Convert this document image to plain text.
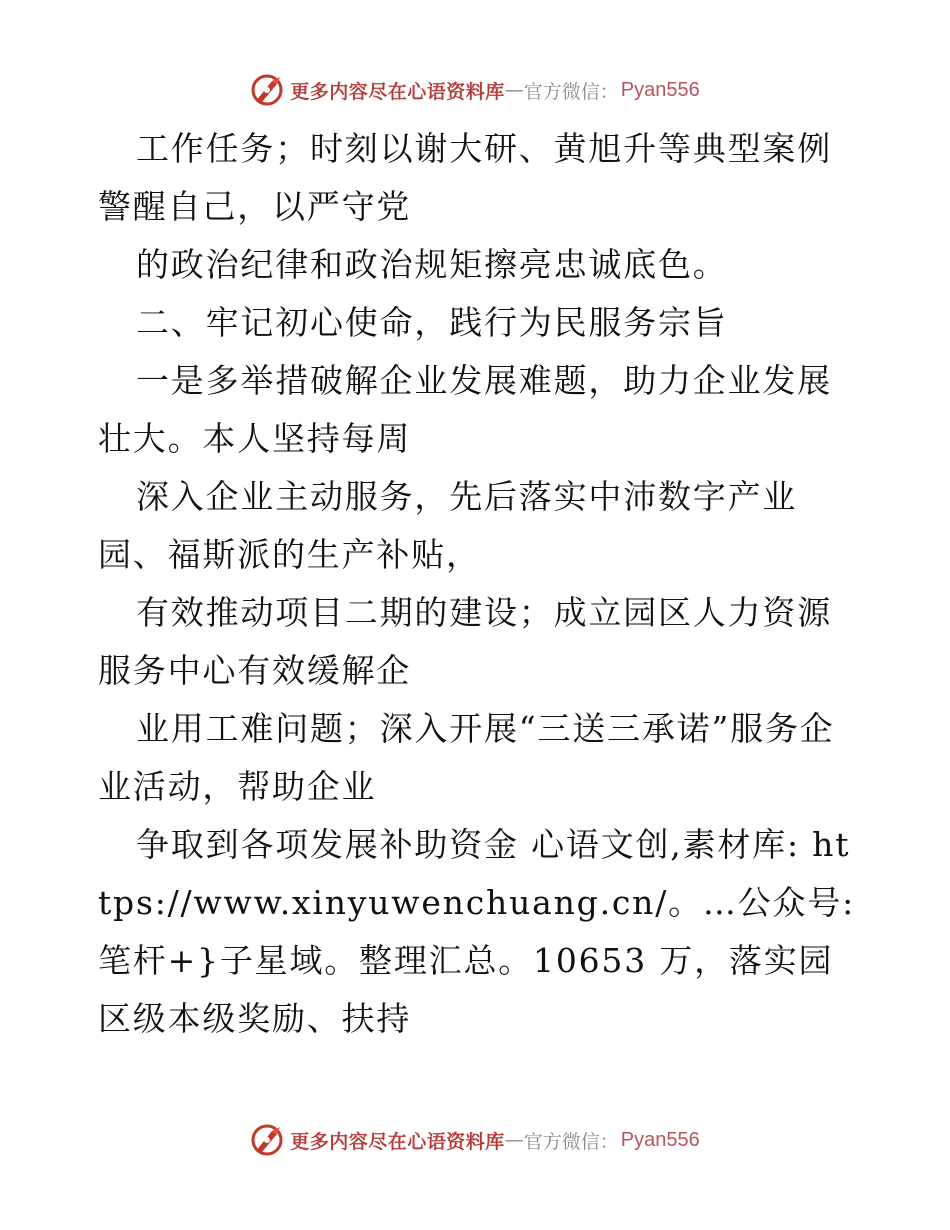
更多内容尽在心语资料库 — 官方微信： Pyan556

工作任务；时刻以谢大研、黄旭升等典型案例警醒自己，以严守党

的政治纪律和政治规矩擦亮忠诚底色。

二、牢记初心使命，践行为民服务宗旨

一是多举措破解企业发展难题，助力企业发展壮大。本人坚持每周

深入企业主动服务，先后落实中沛数字产业园、福斯派的生产补贴，

有效推动项目二期的建设；成立园区人力资源服务中心有效缓解企

业用工难问题；深入开展“三送三承诺”服务企业活动，帮助企业

争取到各项发展补助资金 心语文创,素材库: https://www.xinyuwenchuang.cn/。…公众号: 笔杆+}子星域。整理汇总。10653 万，落实园区级本级奖励、扶持

更多内容尽在心语资料库 — 官方微信： Pyan556
